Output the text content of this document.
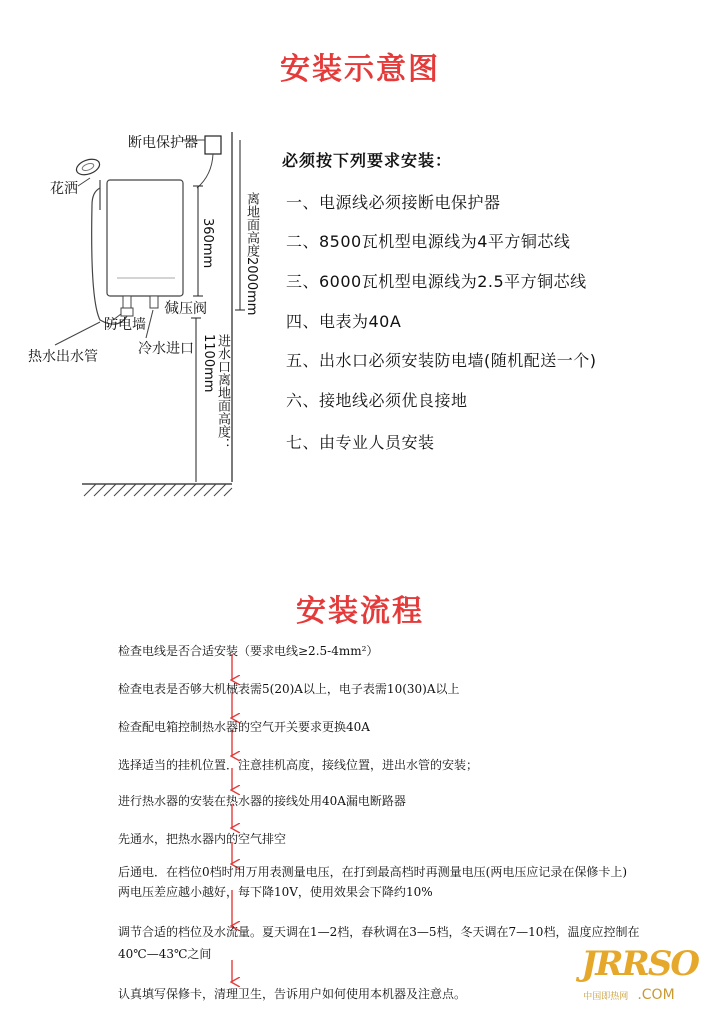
安装示意图
断电保护器
花洒
防电墙
减压阀
冷水进口
热水出水管
360mm 离地面高度2000mm
进水口离地面高度： 1100mm
必须按下列要求安装：
一、电源线必须接断电保护器
二、8500瓦机型电源线为4平方铜芯线
三、6000瓦机型电源线为2.5平方铜芯线
四、电表为40A
五、出水口必须安装防电墙(随机配送一个)
六、接地线必须优良接地
七、由专业人员安装
安装流程
检查电线是否合适安装（要求电线≥2.5-4mm²）
检查电表是否够大机械表需5(20)A以上，电子表需10(30)A以上
检查配电箱控制热水器的空气开关要求更换40A
选择适当的挂机位置．注意挂机高度，接线位置，进出水管的安装；
进行热水器的安装在热水器的接线处用40A漏电断路器
先通水，把热水器内的空气排空
后通电．在档位0档时用万用表测量电压，在打到最高档时再测量电压(两电压应记录在保修卡上)
两电压差应越小越好，每下降10V，使用效果会下降约10%
调节合适的档位及水流量。夏天调在1—2档，春秋调在3—5档，冬天调在7—10档，温度应控制在
40℃—43℃之间
认真填写保修卡，清理卫生，告诉用户如何使用本机器及注意点。
JRRSO
中国即热网 .COM
